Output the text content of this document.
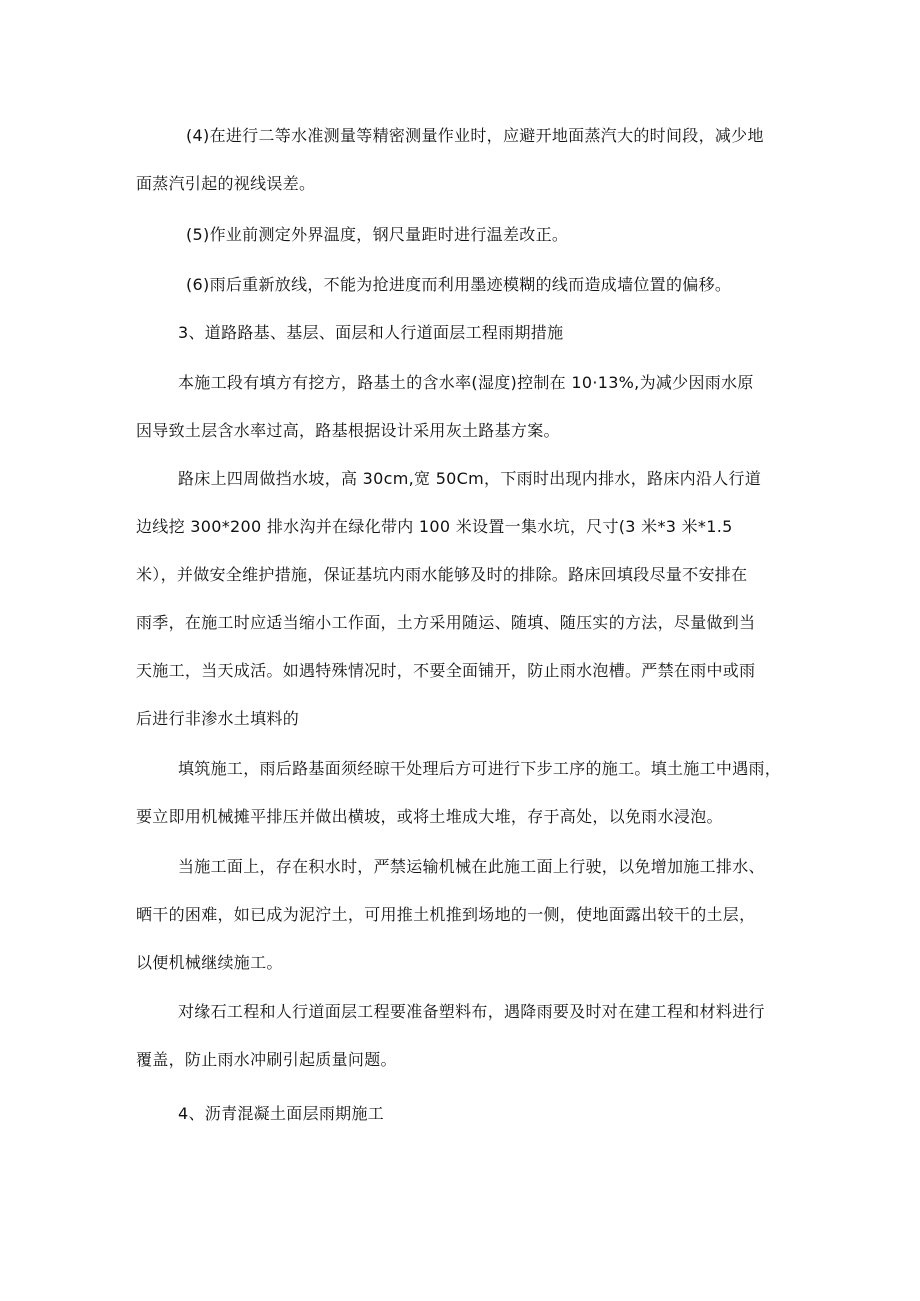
(4)在进行二等水准测量等精密测量作业时，应避开地面蒸汽大的时间段，减少地
面蒸汽引起的视线误差。
(5)作业前测定外界温度，钢尺量距时进行温差改正。
(6)雨后重新放线，不能为抢进度而利用墨迹模糊的线而造成墙位置的偏移。
3、道路路基、基层、面层和人行道面层工程雨期措施
本施工段有填方有挖方，路基土的含水率(湿度)控制在 10·13%,为减少因雨水原
因导致土层含水率过高，路基根据设计采用灰土路基方案。
路床上四周做挡水坡，高 30cm,宽 50Cm，下雨时出现内排水，路床内沿人行道
边线挖 300*200 排水沟并在绿化带内 100 米设置一集水坑，尺寸(3 米*3 米*1.5
米），并做安全维护措施，保证基坑内雨水能够及时的排除。路床回填段尽量不安排在
雨季，在施工时应适当缩小工作面，土方采用随运、随填、随压实的方法，尽量做到当
天施工，当天成活。如遇特殊情况时，不要全面铺开，防止雨水泡槽。严禁在雨中或雨
后进行非渗水土填料的
填筑施工，雨后路基面须经晾干处理后方可进行下步工序的施工。填土施工中遇雨，
要立即用机械摊平排压并做出横坡，或将土堆成大堆，存于高处，以免雨水浸泡。
当施工面上，存在积水时，严禁运输机械在此施工面上行驶，以免增加施工排水、
晒干的困难，如已成为泥泞土，可用推土机推到场地的一侧，使地面露出较干的土层，
以便机械继续施工。
对缘石工程和人行道面层工程要准备塑料布，遇降雨要及时对在建工程和材料进行
覆盖，防止雨水冲刷引起质量问题。
4、沥青混凝土面层雨期施工
